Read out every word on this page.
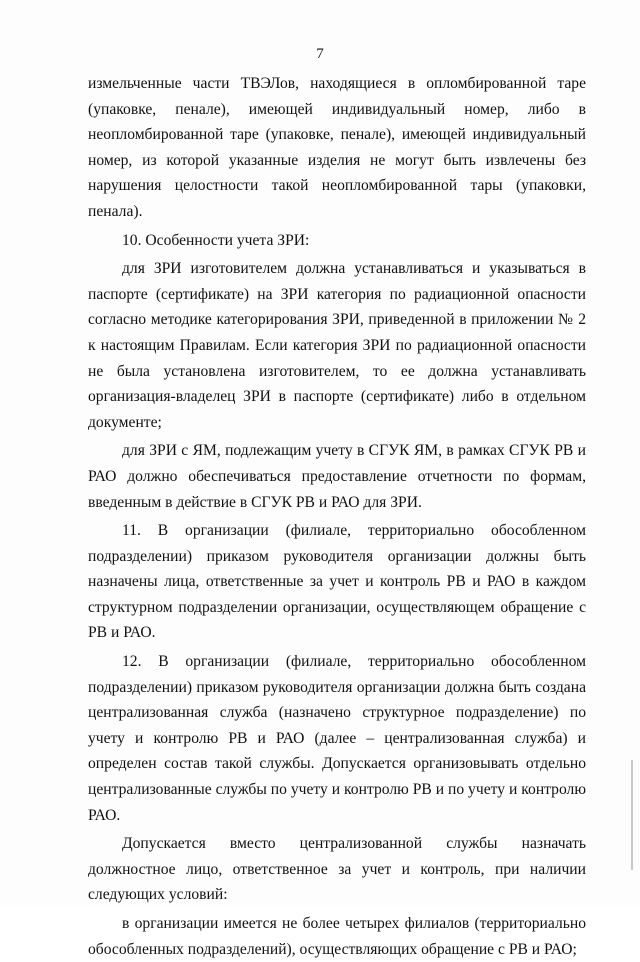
7

измельченные части ТВЭЛов, находящиеся в опломбированной таре (упаковке, пенале), имеющей индивидуальный номер, либо в неопломбированной таре (упаковке, пенале), имеющей индивидуальный номер, из которой указанные изделия не могут быть извлечены без нарушения целостности такой неопломбированной тары (упаковки, пенала).

10. Особенности учета ЗРИ:

для ЗРИ изготовителем должна устанавливаться и указываться в паспорте (сертификате) на ЗРИ категория по радиационной опасности согласно методике категорирования ЗРИ, приведенной в приложении № 2 к настоящим Правилам. Если категория ЗРИ по радиационной опасности не была установлена изготовителем, то ее должна устанавливать организация-владелец ЗРИ в паспорте (сертификате) либо в отдельном документе;

для ЗРИ с ЯМ, подлежащим учету в СГУК ЯМ, в рамках СГУК РВ и РАО должно обеспечиваться предоставление отчетности по формам, введенным в действие в СГУК РВ и РАО для ЗРИ.

11. В организации (филиале, территориально обособленном подразделении) приказом руководителя организации должны быть назначены лица, ответственные за учет и контроль РВ и РАО в каждом структурном подразделении организации, осуществляющем обращение с РВ и РАО.

12. В организации (филиале, территориально обособленном подразделении) приказом руководителя организации должна быть создана централизованная служба (назначено структурное подразделение) по учету и контролю РВ и РАО (далее – централизованная служба) и определен состав такой службы. Допускается организовывать отдельно централизованные службы по учету и контролю РВ и по учету и контролю РАО.

Допускается вместо централизованной службы назначать должностное лицо, ответственное за учет и контроль, при наличии следующих условий:

в организации имеется не более четырех филиалов (территориально обособленных подразделений), осуществляющих обращение с РВ и РАО;
